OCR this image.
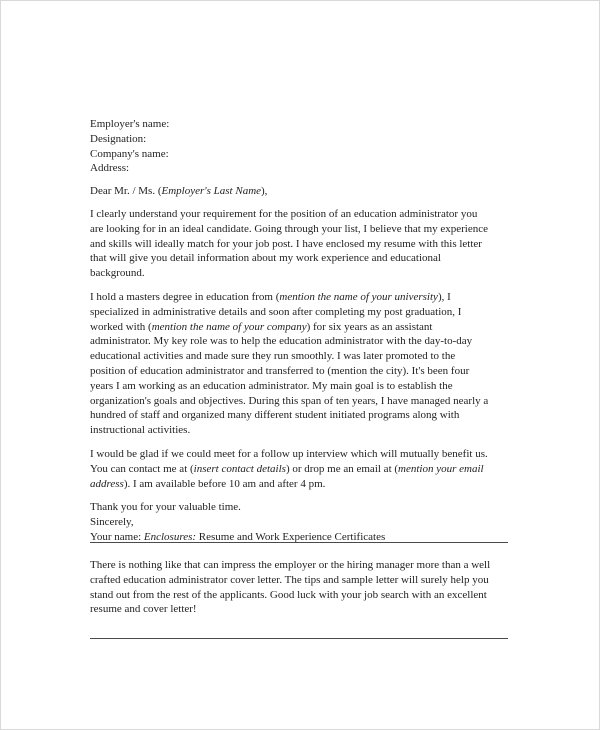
Employer's name:
Designation:
Company's name:
Address:

Dear Mr. / Ms. (Employer's Last Name),

I clearly understand your requirement for the position of an education administrator you
are looking for in an ideal candidate. Going through your list, I believe that my experience
and skills will ideally match for your job post. I have enclosed my resume with this letter
that will give you detail information about my work experience and educational
background.

I hold a masters degree in education from (mention the name of your university), I
specialized in administrative details and soon after completing my post graduation, I
worked with (mention the name of your company) for six years as an assistant
administrator. My key role was to help the education administrator with the day-to-day
educational activities and made sure they run smoothly. I was later promoted to the
position of education administrator and transferred to (mention the city). It's been four
years I am working as an education administrator. My main goal is to establish the
organization's goals and objectives. During this span of ten years, I have managed nearly a
hundred of staff and organized many different student initiated programs along with
instructional activities.

I would be glad if we could meet for a follow up interview which will mutually benefit us.
You can contact me at (insert contact details) or drop me an email at (mention your email
address). I am available before 10 am and after 4 pm.

Thank you for your valuable time.
Sincerely,
Your name: Enclosures: Resume and Work Experience Certificates

There is nothing like that can impress the employer or the hiring manager more than a well
crafted education administrator cover letter. The tips and sample letter will surely help you
stand out from the rest of the applicants. Good luck with your job search with an excellent
resume and cover letter!
